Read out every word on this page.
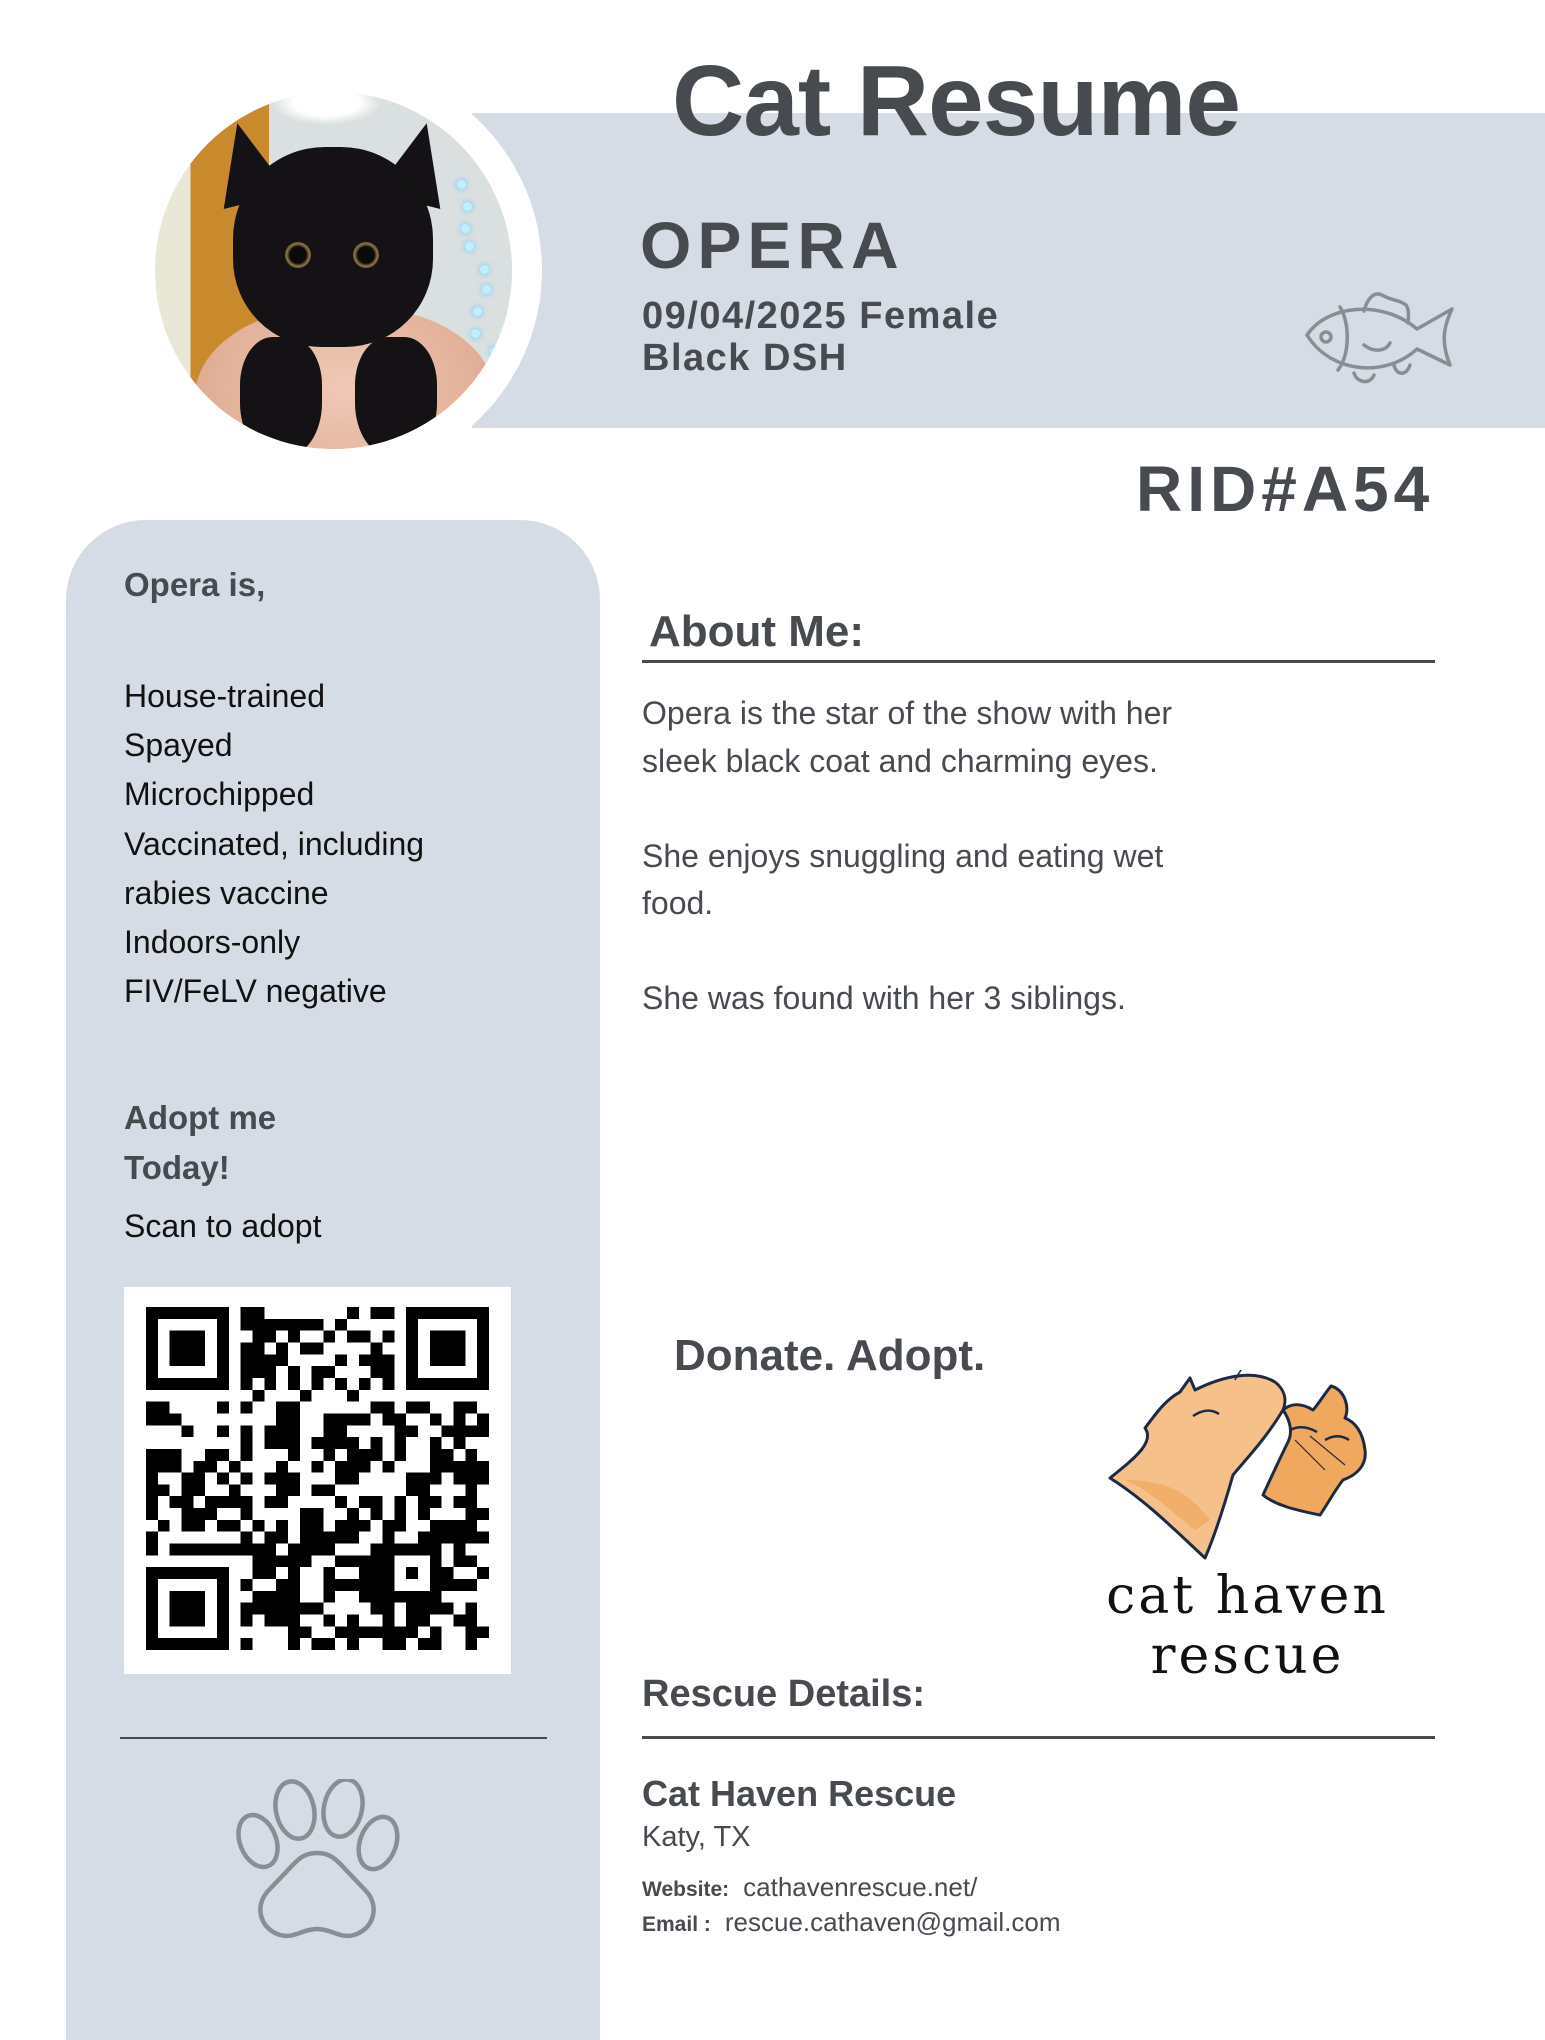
Cat Resume
OPERA
09/04/2025 Female
Black DSH
RID#A54
Opera is,
House-trained
Spayed
Microchipped
Vaccinated, including
rabies vaccine
Indoors-only
FIV/FeLV negative
Adopt me
Today!
Scan to adopt
About Me:

Opera is the star of the show with her
sleek black coat and charming eyes.

She enjoys snuggling and eating wet
food.

She was found with her 3 siblings.

Donate. Adopt.
cat haven
rescue
Rescue Details:
Cat Haven Rescue
Katy, TX
Website: cathavenrescue.net/
Email : rescue.cathaven@gmail.com
